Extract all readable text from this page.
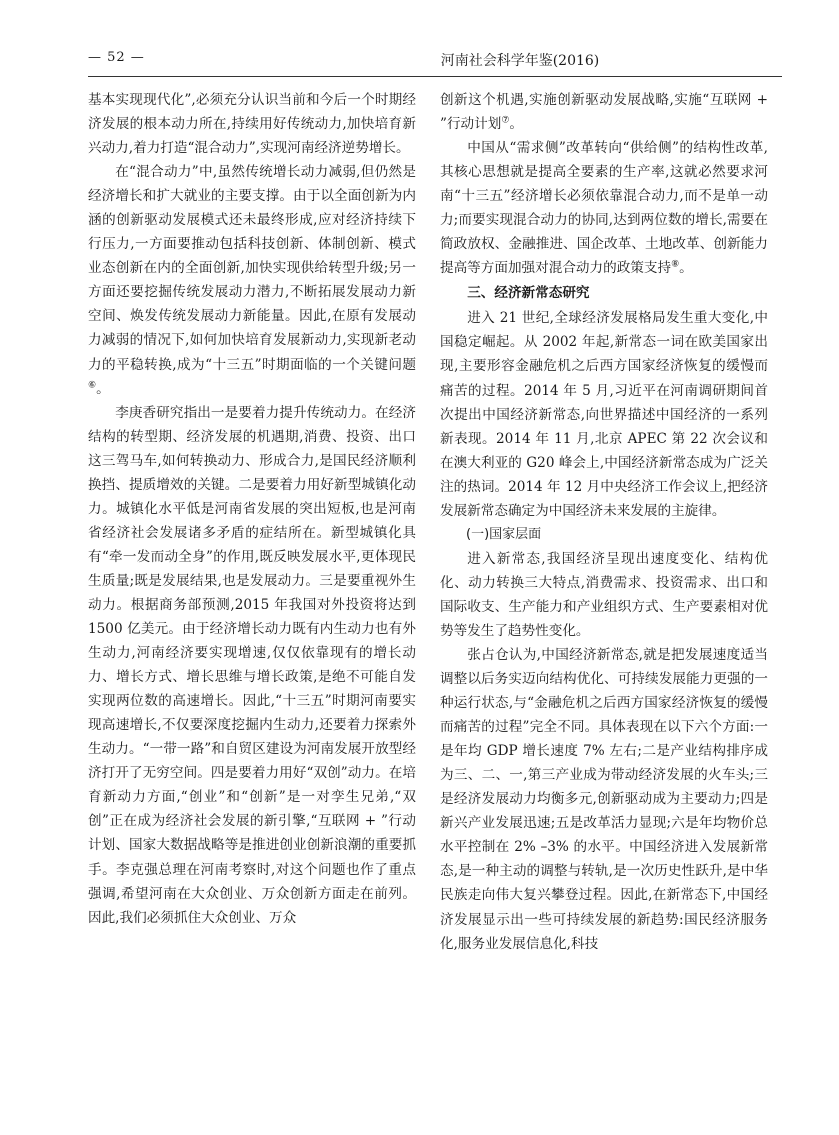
— 52 —	河南社会科学年鉴(2016)

基本实现现代化”,必须充分认识当前和今后一个时期经济发展的根本动力所在,持续用好传统动力,加快培育新兴动力,着力打造“混合动力”,实现河南经济逆势增长。

在“混合动力”中,虽然传统增长动力减弱,但仍然是经济增长和扩大就业的主要支撑。由于以全面创新为内涵的创新驱动发展模式还未最终形成,应对经济持续下行压力,一方面要推动包括科技创新、体制创新、模式业态创新在内的全面创新,加快实现供给转型升级;另一方面还要挖掘传统发展动力潜力,不断拓展发展动力新空间、焕发传统发展动力新能量。因此,在原有发展动力减弱的情况下,如何加快培育发展新动力,实现新老动力的平稳转换,成为“十三五”时期面临的一个关键问题⑥。

李庚香研究指出一是要着力提升传统动力。在经济结构的转型期、经济发展的机遇期,消费、投资、出口这三驾马车,如何转换动力、形成合力,是国民经济顺利换挡、提质增效的关键。二是要着力用好新型城镇化动力。城镇化水平低是河南省发展的突出短板,也是河南省经济社会发展诸多矛盾的症结所在。新型城镇化具有“牵一发而动全身”的作用,既反映发展水平,更体现民生质量;既是发展结果,也是发展动力。三是要重视外生动力。根据商务部预测,2015 年我国对外投资将达到 1500 亿美元。由于经济增长动力既有内生动力也有外生动力,河南经济要实现增速,仅仅依靠现有的增长动力、增长方式、增长思维与增长政策,是绝不可能自发实现两位数的高速增长。因此,“十三五”时期河南要实现高速增长,不仅要深度挖掘内生动力,还要着力探索外生动力。“一带一路”和自贸区建设为河南发展开放型经济打开了无穷空间。四是要着力用好“双创”动力。在培育新动力方面,“创业”和“创新”是一对孪生兄弟,“双创”正在成为经济社会发展的新引擎,“互联网 + ”行动计划、国家大数据战略等是推进创业创新浪潮的重要抓手。李克强总理在河南考察时,对这个问题也作了重点强调,希望河南在大众创业、万众创新方面走在前列。因此,我们必须抓住大众创业、万众

创新这个机遇,实施创新驱动发展战略,实施“互联网 + ”行动计划⑦。

中国从“需求侧”改革转向“供给侧”的结构性改革,其核心思想就是提高全要素的生产率,这就必然要求河南“十三五”经济增长必须依靠混合动力,而不是单一动力;而要实现混合动力的协同,达到两位数的增长,需要在简政放权、金融推进、国企改革、土地改革、创新能力提高等方面加强对混合动力的政策支持⑧。

三、经济新常态研究

进入 21 世纪,全球经济发展格局发生重大变化,中国稳定崛起。从 2002 年起,新常态一词在欧美国家出现,主要形容金融危机之后西方国家经济恢复的缓慢而痛苦的过程。2014 年 5 月,习近平在河南调研期间首次提出中国经济新常态,向世界描述中国经济的一系列新表现。2014 年 11 月,北京 APEC 第 22 次会议和在澳大利亚的 G20 峰会上,中国经济新常态成为广泛关注的热词。2014 年 12 月中央经济工作会议上,把经济发展新常态确定为中国经济未来发展的主旋律。

(一)国家层面

进入新常态,我国经济呈现出速度变化、结构优化、动力转换三大特点,消费需求、投资需求、出口和国际收支、生产能力和产业组织方式、生产要素相对优势等发生了趋势性变化。

张占仓认为,中国经济新常态,就是把发展速度适当调整以后务实迈向结构优化、可持续发展能力更强的一种运行状态,与“金融危机之后西方国家经济恢复的缓慢而痛苦的过程”完全不同。具体表现在以下六个方面:一是年均 GDP 增长速度 7% 左右;二是产业结构排序成为三、二、一,第三产业成为带动经济发展的火车头;三是经济发展动力均衡多元,创新驱动成为主要动力;四是新兴产业发展迅速;五是改革活力显现;六是年均物价总水平控制在 2% –3% 的水平。中国经济进入发展新常态,是一种主动的调整与转轨,是一次历史性跃升,是中华民族走向伟大复兴攀登过程。因此,在新常态下,中国经济发展显示出一些可持续发展的新趋势:国民经济服务化,服务业发展信息化,科技
